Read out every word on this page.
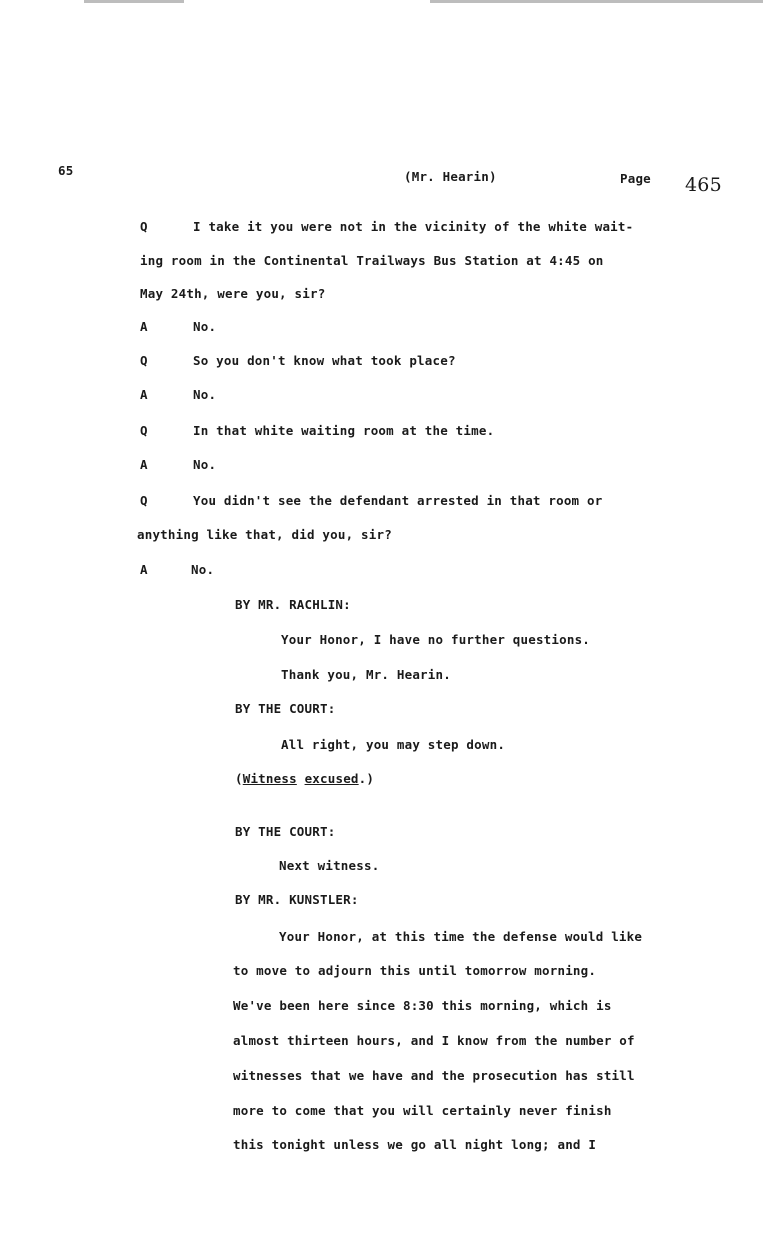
65	(Mr. Hearin)	Page 465
Q	I take it you were not in the vicinity of the white wait-
ing room in the Continental Trailways Bus Station at 4:45 on
May 24th, were you, sir?
A	No.
Q	So you don't know what took place?
A	No.
Q	In that white waiting room at the time.
A	No.
Q	You didn't see the defendant arrested in that room or
anything like that, did you, sir?
A	No.
BY MR. RACHLIN:
Your Honor, I have no further questions.
Thank you, Mr. Hearin.
BY THE COURT:
All right, you may step down.
(Witness excused.)
BY THE COURT:
Next witness.
BY MR. KUNSTLER:
Your Honor, at this time the defense would like
to move to adjourn this until tomorrow morning.
We've been here since 8:30 this morning, which is
almost thirteen hours, and I know from the number of
witnesses that we have and the prosecution has still
more to come that you will certainly never finish
this tonight unless we go all night long; and I
